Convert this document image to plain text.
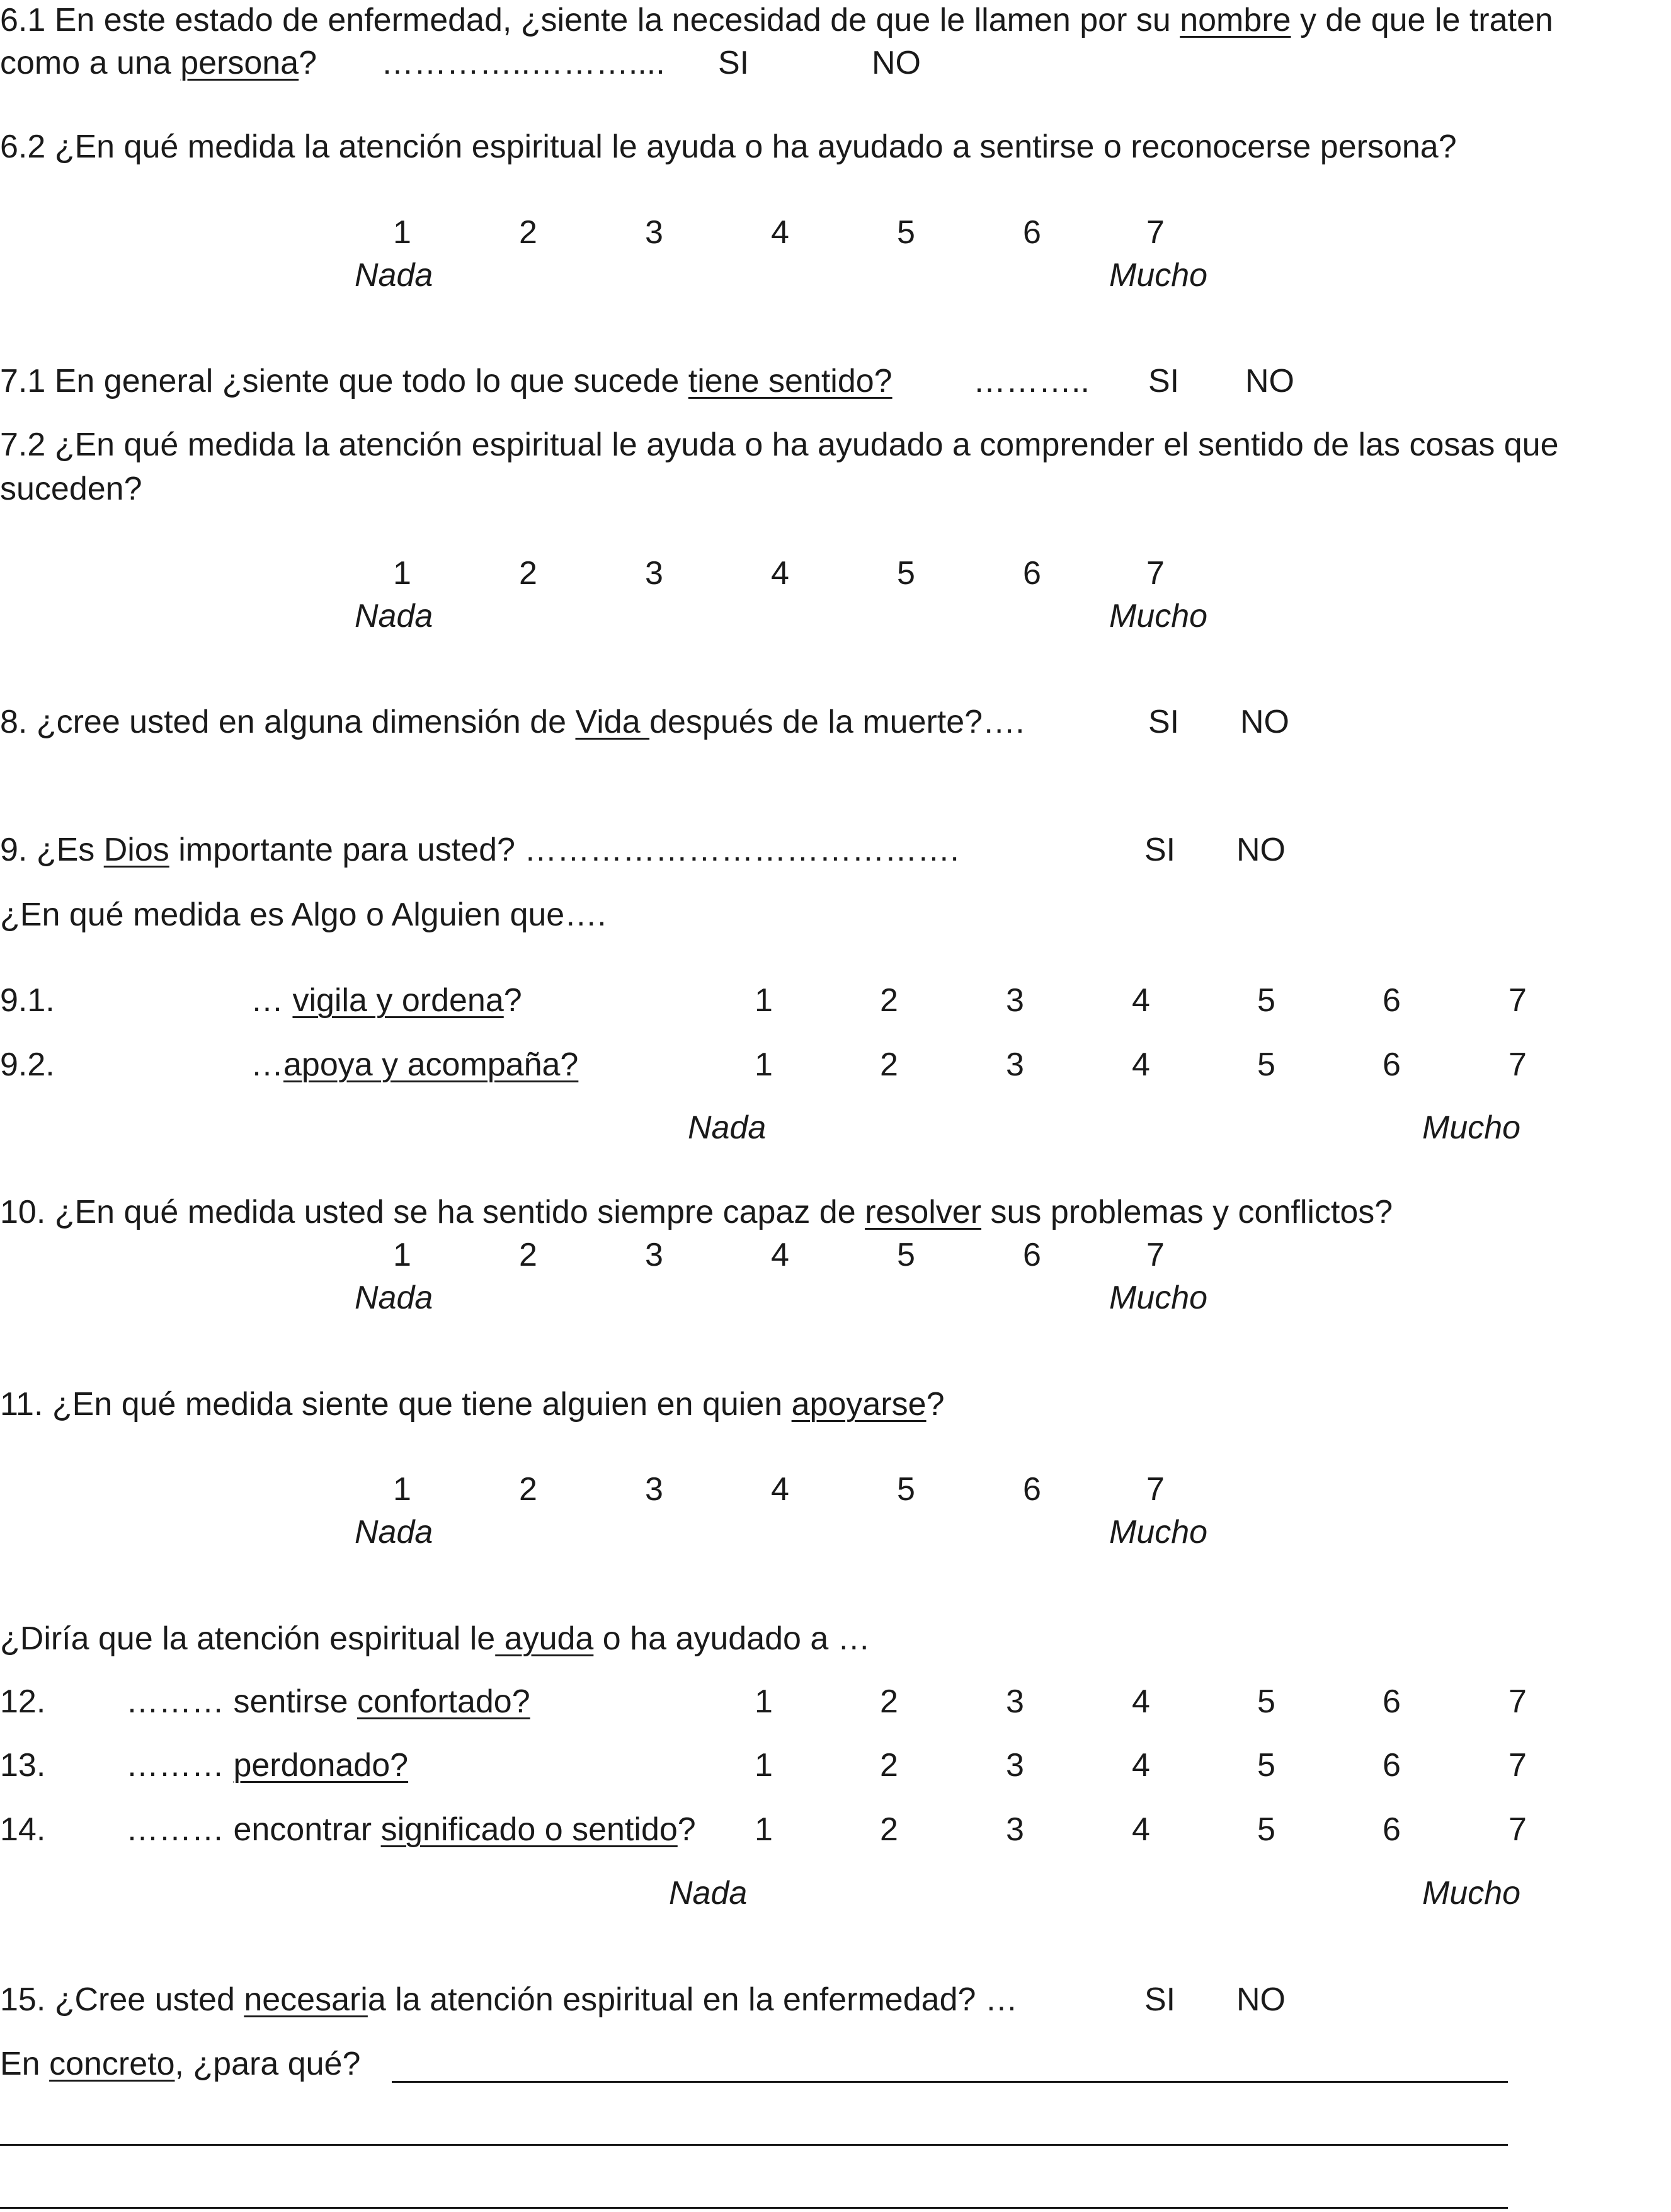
6.1 En este estado de enfermedad, ¿siente la necesidad de que le llamen por su nombre y de que le traten
como a una persona? …………..……….... SI	NO
6.2 ¿En qué medida la atención espiritual le ayuda o ha ayudado a sentirse o reconocerse persona?
1	2	3	4	5	6	7
Nada	Mucho
7.1 En general ¿siente que todo lo que sucede tiene sentido? ……….. SI NO
7.2 ¿En qué medida la atención espiritual le ayuda o ha ayudado a comprender el sentido de las cosas que
suceden?
1	2	3	4	5	6	7
Nada	Mucho
8. ¿cree usted en alguna dimensión de Vida después de la muerte?….	SI NO
9. ¿Es Dios importante para usted? ………………………………….	SI NO
¿En qué medida es Algo o Alguien que….
9.1.	… vigila y ordena?	1	2	3	4	5	6	7
9.2.	…apoya y acompaña?	1	2	3	4	5	6	7
Nada	Mucho
10. ¿En qué medida usted se ha sentido siempre capaz de resolver sus problemas y conflictos?
1	2	3	4	5	6	7
Nada	Mucho
11. ¿En qué medida siente que tiene alguien en quien apoyarse?
1	2	3	4	5	6	7
Nada	Mucho
¿Diría que la atención espiritual le ayuda o ha ayudado a …
12. ……… sentirse confortado?	1	2	3	4	5	6	7
13. ……… perdonado?	1	2	3	4	5	6	7
14. ……… encontrar significado o sentido? 1	2	3	4	5	6	7
Nada	Mucho
15. ¿Cree usted necesaria la atención espiritual en la enfermedad? …	SI NO
En concreto, ¿para qué?
